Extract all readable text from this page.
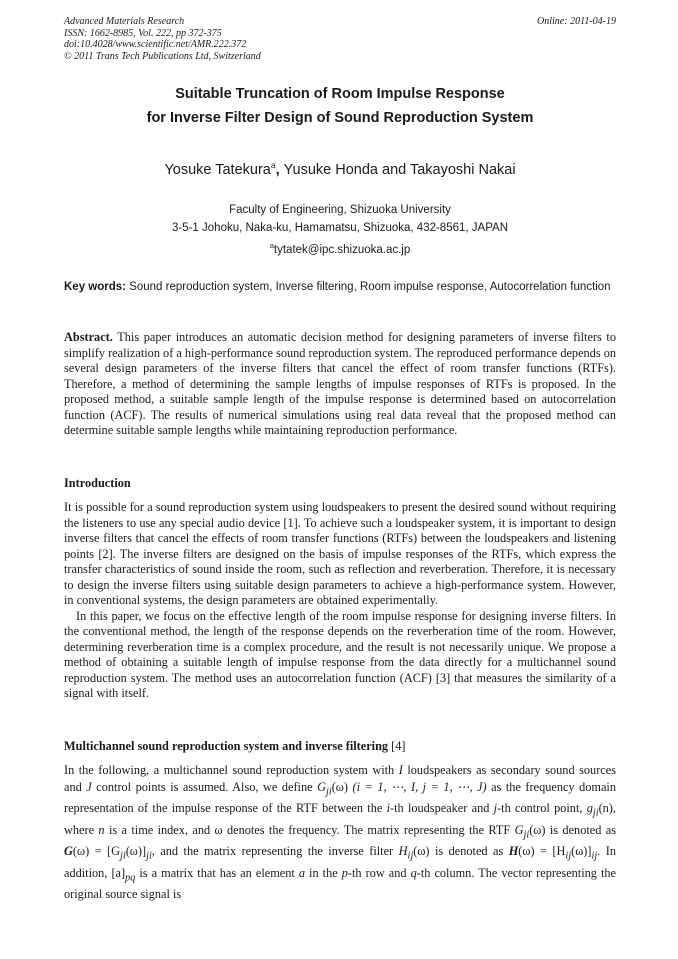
Advanced Materials Research
ISSN: 1662-8985, Vol. 222, pp 372-375
doi:10.4028/www.scientific.net/AMR.222.372
© 2011 Trans Tech Publications Ltd, Switzerland
Online: 2011-04-19
Suitable Truncation of Room Impulse Response
for Inverse Filter Design of Sound Reproduction System
Yosuke Tatekura$^a$, Yusuke Honda and Takayoshi Nakai
Faculty of Engineering, Shizuoka University
3-5-1 Johoku, Naka-ku, Hamamatsu, Shizuoka, 432-8561, JAPAN
$^a$tytatek@ipc.shizuoka.ac.jp
Key words: Sound reproduction system, Inverse filtering, Room impulse response, Autocorrelation function

Abstract. This paper introduces an automatic decision method for designing parameters of inverse filters to simplify realization of a high-performance sound reproduction system. The reproduced performance depends on several design parameters of the inverse filters that cancel the effect of room transfer functions (RTFs). Therefore, a method of determining the sample lengths of impulse responses of RTFs is proposed. In the proposed method, a suitable sample length of the impulse response is determined based on autocorrelation function (ACF). The results of numerical simulations using real data reveal that the proposed method can determine suitable sample lengths while maintaining reproduction performance.

Introduction

It is possible for a sound reproduction system using loudspeakers to present the desired sound without requiring the listeners to use any special audio device [1]. To achieve such a loudspeaker system, it is important to design inverse filters that cancel the effects of room transfer functions (RTFs) between the loudspeakers and listening points [2]. The inverse filters are designed on the basis of impulse responses of the RTFs, which express the transfer characteristics of sound inside the room, such as reflection and reverberation. Therefore, it is necessary to design the inverse filters using suitable design parameters to achieve a high-performance system. However, in conventional systems, the design parameters are obtained experimentally.

In this paper, we focus on the effective length of the room impulse response for designing inverse filters. In the conventional method, the length of the response depends on the reverberation time of the room. However, determining reverberation time is a complex procedure, and the result is not necessarily unique. We propose a method of obtaining a suitable length of impulse response from the data directly for a multichannel sound reproduction system. The method uses an autocorrelation function (ACF) [3] that measures the similarity of a signal with itself.

Multichannel sound reproduction system and inverse filtering [4]

In the following, a multichannel sound reproduction system with I loudspeakers as secondary sound sources and J control points is assumed. Also, we define $G_{ji}(\omega) (i = 1$, ⋯, I, j = 1, ⋯, J) as the frequency domain representation of the impulse response of the RTF between the i-th loudspeaker and j-th control point, $g_{ji}(n)$, where n is a time index, and ω denotes the frequency. The matrix representing the RTF $G_{ji}(\omega)$ is denoted as $G(\omega) = [G_{ji}(\omega)]_{ji}$, and the matrix representing the inverse filter $H_{ij}(\omega)$ is denoted as $H(\omega) = [H_{ij}(\omega)]_{ij}$. In addition, $[a]_{pq}$ is a matrix that has an element a in the p-th row and q-th column. The vector representing the original source signal is
